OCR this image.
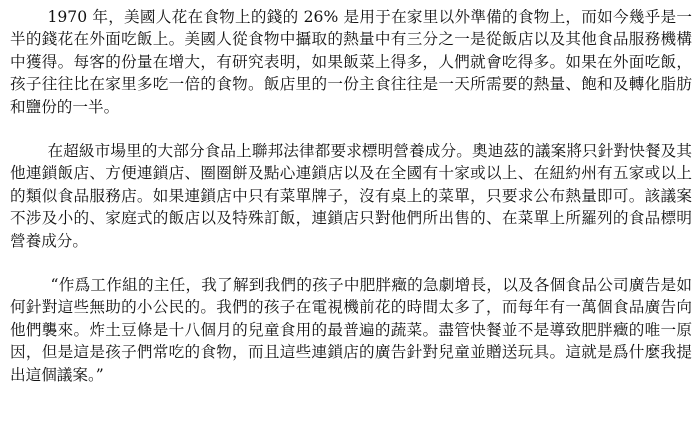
1970 年，美國人花在食物上的錢的 26% 是用于在家里以外準備的食物上，而如今幾乎是一半的錢花在外面吃飯上。美國人從食物中攝取的熱量中有三分之一是從飯店以及其他食品服務機構中獲得。每客的份量在增大，有研究表明，如果飯菜上得多，人們就會吃得多。如果在外面吃飯，孩子往往比在家里多吃一倍的食物。飯店里的一份主食往往是一天所需要的熱量、飽和及轉化脂肪和鹽份的一半。

在超級市場里的大部分食品上聯邦法律都要求標明營養成分。奧迪茲的議案將只針對快餐及其他連鎖飯店、方便連鎖店、圈圈餅及點心連鎖店以及在全國有十家或以上、在紐約州有五家或以上的類似食品服務店。如果連鎖店中只有菜單牌子，沒有桌上的菜單，只要求公布熱量即可。該議案不涉及小的、家庭式的飯店以及特殊訂飯，連鎖店只對他們所出售的、在菜單上所羅列的食品標明營養成分。

“作爲工作組的主任，我了解到我們的孩子中肥胖癥的急劇增長，以及各個食品公司廣告是如何針對這些無助的小公民的。我們的孩子在電視機前花的時間太多了，而每年有一萬個食品廣告向他們襲來。炸土豆條是十八個月的兒童食用的最普遍的蔬菜。盡管快餐並不是導致肥胖癥的唯一原因，但是這是孩子們常吃的食物，而且這些連鎖店的廣告針對兒童並贈送玩具。這就是爲什麼我提出這個議案。”
